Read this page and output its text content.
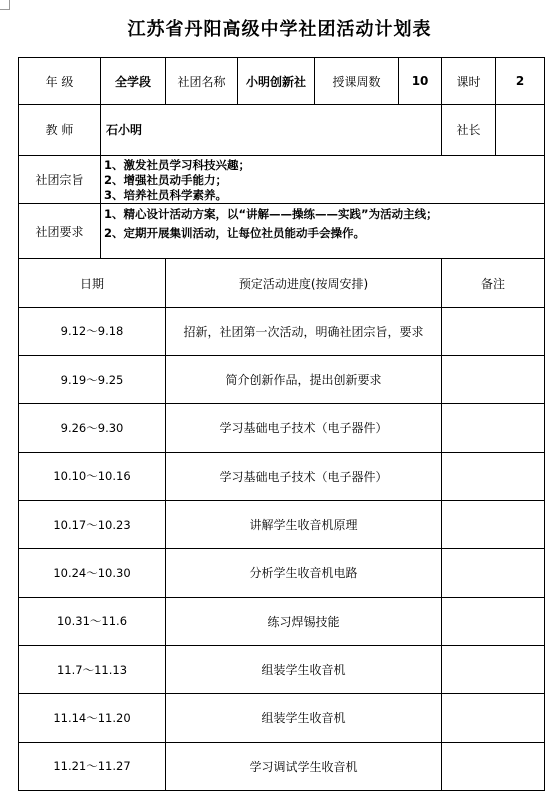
江苏省丹阳高级中学社团活动计划表
年 级	全学段	社团名称	小明创新社	授课周数	10	课时	2
教 师	石小明					社长	
社团宗旨	1、激发社员学习科技兴趣；
2、增强社员动手能力；
3、培养社员科学素养。						

社团要求	1、精心设计活动方案，以“讲解——操练——实践”为活动主线；
2、定期开展集训活动，让每位社员能动手会操作。						

日期		预定活动进度(按周安排)				备注	
9.12～9.18		招新，社团第一次活动，明确社团宗旨，要求					
9.19～9.25		简介创新作品，提出创新要求					
9.26～9.30		学习基础电子技术（电子器件）					
10.10～10.16		学习基础电子技术（电子器件）					
10.17～10.23		讲解学生收音机原理					
10.24～10.30		分析学生收音机电路					
10.31～11.6		练习焊锡技能					
11.7～11.13		组装学生收音机					
11.14～11.20		组装学生收音机					
11.21～11.27		学习调试学生收音机					
